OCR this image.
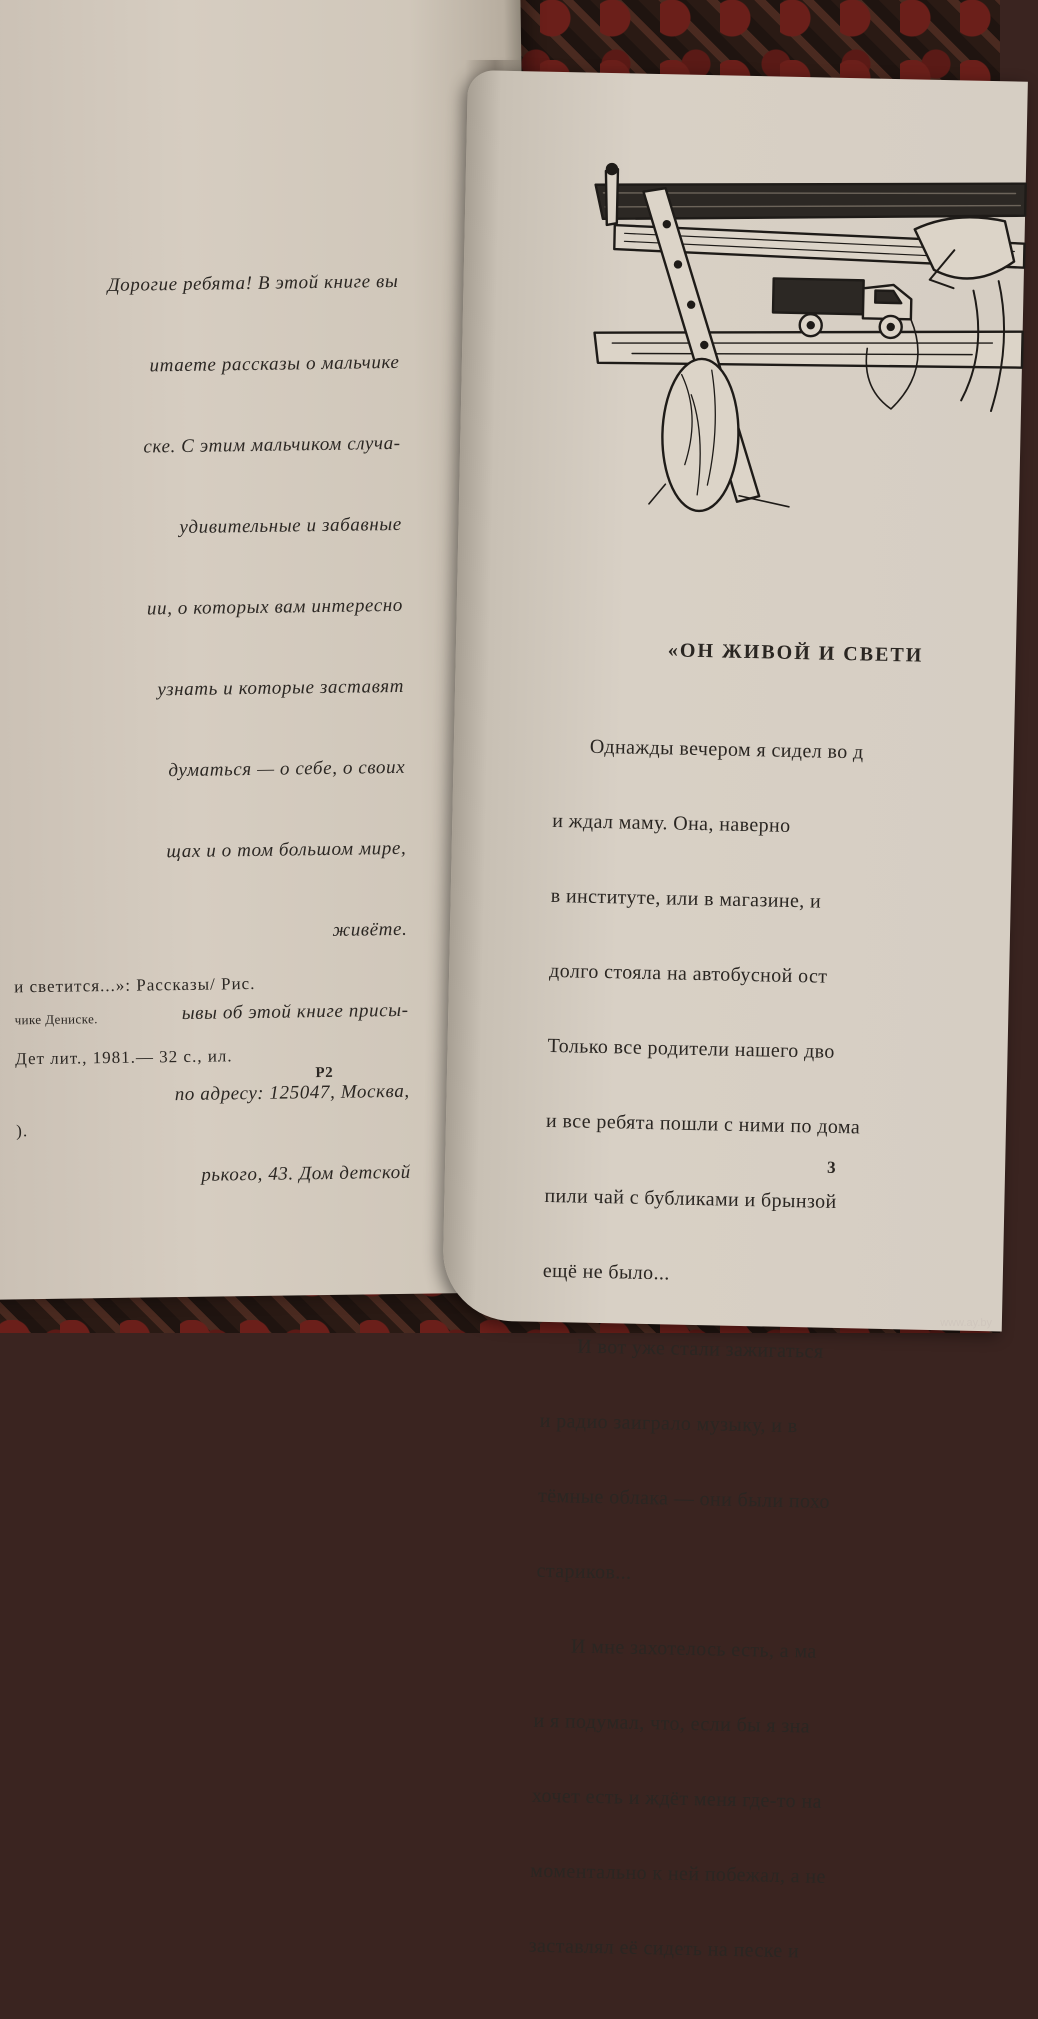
Дорогие ребята! В этой книге вы

итаете рассказы о мальчике

ске. С этим мальчиком случа-

удивительные и забавные

ии, о которых вам интересно

узнать и которые заставят

думаться — о себе, о своих

щах и о том большом мире,

живёте.

ывы об этой книге присы-

по адресу: 125047, Москва,

рького, 43. Дом детской

и светится...»: Рассказы/ Рис.

Дет лит., 1981.— 32 с., ил.

).

чике Дениске.
Р2
«ОН ЖИВОЙ И СВЕТИ

Однажды вечером я сидел во д

и ждал маму. Она, наверно

в институте, или в магазине, и

долго стояла на автобусной ост

Только все родители нашего дво

и все ребята пошли с ними по дома

пили чай с бубликами и брынзой

ещё не было...

И вот уже стали зажигаться

и радио заиграло музыку, и в

тёмные облака — они были похо

стариков...

И мне захотелось есть, а ма

и я подумал, что, если бы я зна

хочет есть и ждёт меня где-то на

моментально к ней побежал, а не

заставлял её сидеть на песке и

3
www.ay.by
